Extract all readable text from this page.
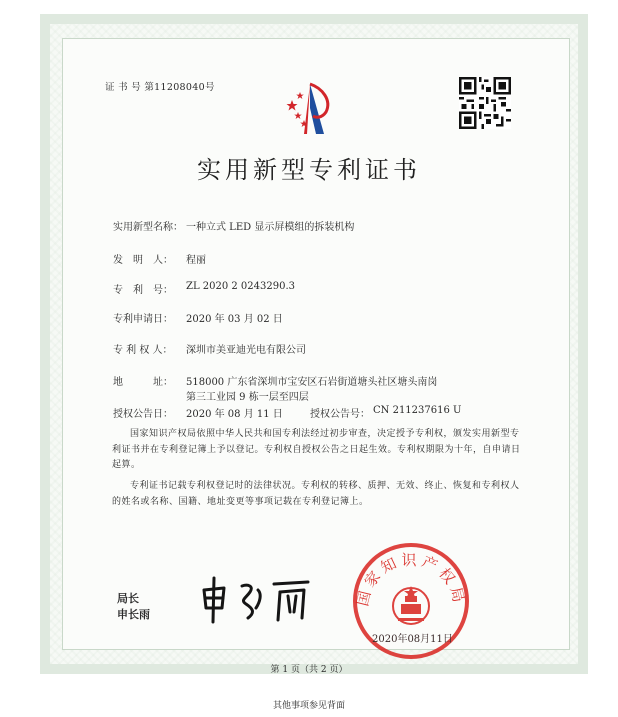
证 书 号 第11208040号
实用新型专利证书
实用新型名称： 一种立式 LED 显示屏模组的拆装机构
发　明　人： 程丽
专　利　号： ZL 2020 2 0243290.3
专利申请日： 2020 年 03 月 02 日
专 利 权 人： 深圳市美亚迪光电有限公司
地　　　址： 518000 广东省深圳市宝安区石岩街道塘头社区塘头南岗
第三工业园 9 栋一层至四层
授权公告日： 2020 年 08 月 11 日	授权公告号： CN 211237616 U
国家知识产权局依照中华人民共和国专利法经过初步审查，决定授予专利权，颁发实用新型专利证书并在专利登记簿上予以登记。专利权自授权公告之日起生效。专利权期限为十年，自申请日起算。
专利证书记载专利权登记时的法律状况。专利权的转移、质押、无效、终止、恢复和专利权人的姓名或名称、国籍、地址变更等事项记载在专利登记簿上。
局长
申长雨
国家知识产权局
2020年08月11日
第 1 页（共 2 页）
其他事项参见背面
